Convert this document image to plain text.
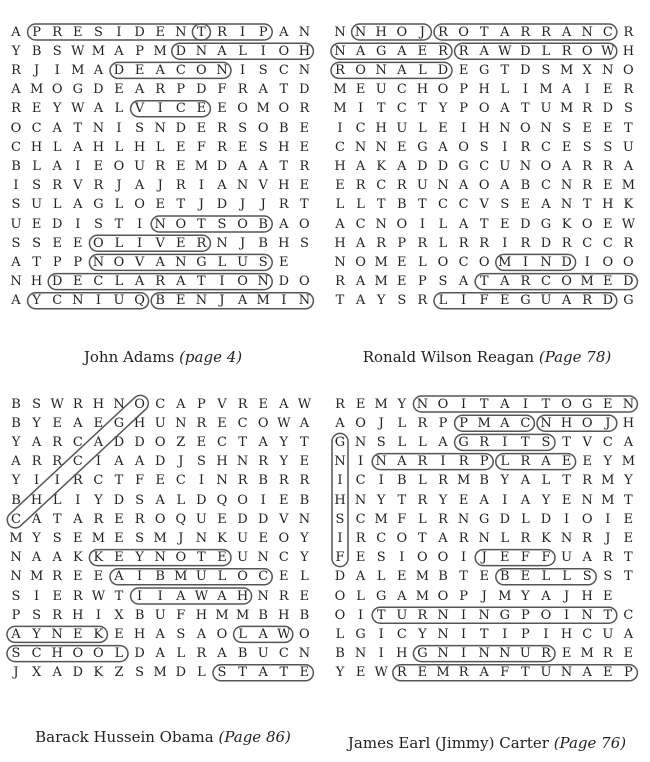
A P R E S	I D E N T R	I	P A N
Y B S W M A P M D N A L	I O H
R	J	I M A D E A C O N I	S C N
A M O G D E A R P D F R A T D
R E Y W A L V	I	C E E O M O R
O C A T N I	S N D E R S O B E
C H L A H L H L E F R E S H E
B L A	I	E O U R E M D A A T R
I	S R V R	J	A	J	R	I	A N V H E
S U L A G L O E T	J D J	J	R T
U E D I	S T	I N O T S O B A O
S S E E O L	I	V E R N J	B H S
A T P P N O V A N G L U S E
N H D E C L A R A T	I O N D O
A Y C N I U Q B E N J	A M I N
N N H O J	R O T A R R A N C R
N A G A E R R A W D L R O W H
R O N A L D E G T D S M X N O
M E U C H O P H L	I M A	I	E R
M I	T C T Y P O A T U M R D S
I	C H U L E	I H N O N S E E T
C N N E G A O S	I	R C E S S U
H A K A D D G C U N O A R R A
E R C R U N A O A B C N R E M
L L T B T C C V S E A N T H K
A C N O I	L A T E D G K O E W
H A R P R L R R	I	R D R C C R
N O M E L O C O M I N D I O O
R A M E P S A T A R C O M E D
T A Y S R L	I	F E G U A R D G
B S W R H N O C A P V R E A W
B Y E A E G H U N R E C O W A
Y A R C A D D O Z E C T A Y T
A R R C	I	A A D J	S H N R Y E
Y	I	I	R C T F E C	I N R B R R
B H L	I	Y D S A L D Q O I	E B
C A T A R E R O Q U E D D V N
M Y S E M E S M J N K U E O Y
N A A K K E Y N O T E U N C Y
N M R E E A	I	B M U L O C E L
S	I	E R W T	I	I	A W A H N R E
P S R H I	X B U F H M M B H B
A Y N E K E H A S A O L A W O
S C H O O L D A L R A B U C N
J	X A D K Z S M D L S T A T E
R E M Y N O I	T A	I	T O G E N
A O J	L R P P M A C N H O J H
G N S L L A G R	I	T S T V C A
N I N A R	I	R P L R A E E Y M
I	C	I	B L R M B Y A L T R M Y
H N Y T R Y E A	I	A Y E N M T
S C M F L R N G D L D I O I	E
I	R C O T A R N L R K N R	J	E
F E S	I O O I	J	E F F U A R T
D A L E M B T E B E L L S S T
O L G A M O P	J M Y A	J H E
O I	T U R N I N G P O I N T C
L G I	C Y N I	T	I	P	I H C U A
B N I H G N I N N U R E M R E
Y E W R E M R A F T U N A E P
John Adams (page 4)	Ronald Wilson Reagan (Page 78)
Barack Hussein Obama (Page 86)	James Earl (Jimmy) Carter (Page 76)
